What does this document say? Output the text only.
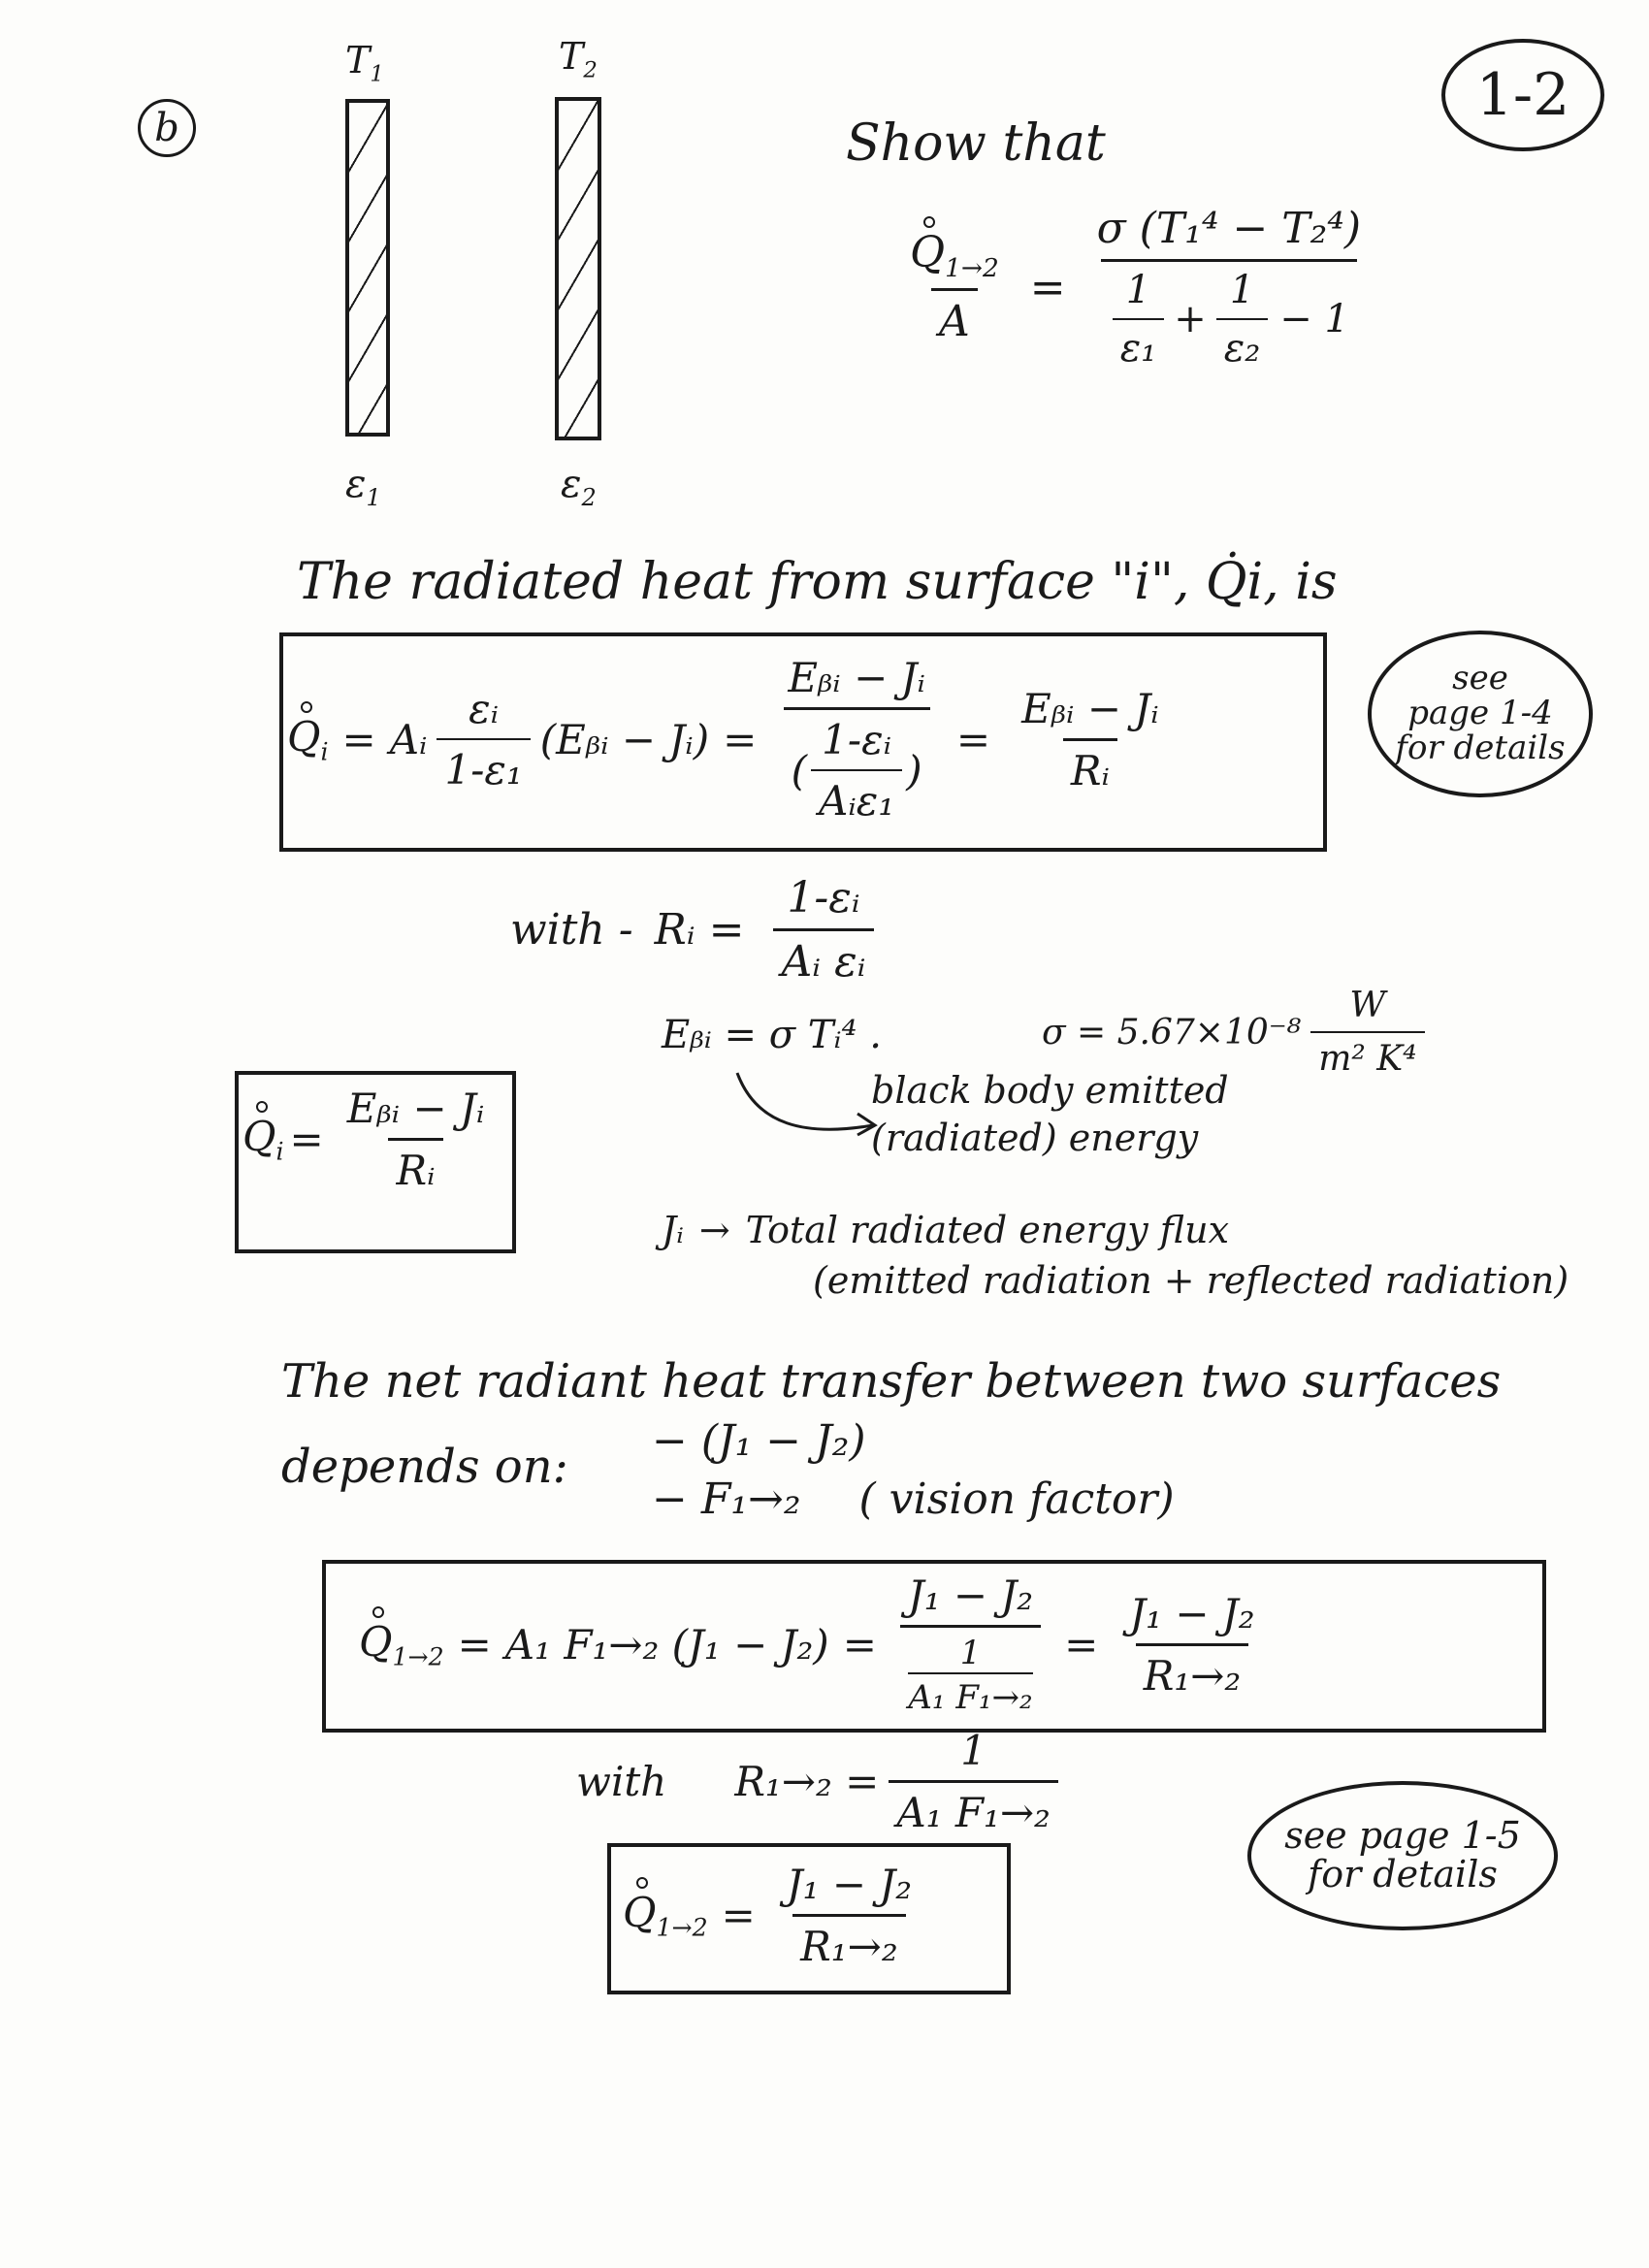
b	1-2
$T_1$	$T_2$
$\varepsilon_1$	$\varepsilon_2$
Show that
$\frac{Q_{1\to 2}}{A} = \frac{\text{σ (T₁⁴ − T₂⁴)}}{\frac{1}{\text{ε₁}} + \frac{1}{\text{ε₂}} - 1}$
The radiated heat from surface "i", Q̇i, is
$Q_i$ = Aᵢ $\frac{\text{εᵢ}}{\text{1-ε₁}}$ (Eᵦᵢ − Jᵢ) = $\frac{\text{Eᵦᵢ − Jᵢ}}{( \frac{\text{1-εᵢ}}{\text{Aᵢε₁}} )} = \frac{\text{Eᵦᵢ − Jᵢ}}{\text{Rᵢ}}$
see
page 1-4
for details
with - Rᵢ = $\frac{\text{1-εᵢ}}{\text{Aᵢ εᵢ}}$
Eᵦᵢ = σ Tᵢ⁴ .	$\sigma = 5.67\times 10^{-8} \frac{W}{\text{m² K⁴}}$
black body emitted
(radiated) energy
$Q_i = \frac{\text{Eᵦᵢ − Jᵢ}}{\text{Rᵢ}}$
Jᵢ → Total radiated energy flux
(emitted radiation + reflected radiation)
The net radiant heat transfer between two surfaces
depends on: − (J₁ − J₂)
− F₁→₂ ( vision factor)
$Q_{1\to 2} = A_1$ F₁→₂ (J₁ − J₂) = J₁ − J₂
1
A₁ $F_1\to_2 = \frac{\text{J₁ − J₂}}{\text{R₁→₂}}$
with $R_1\to_2 = \frac{1}{\text{A₁ F₁→₂}}$
$Q_{1\to 2} = \frac{\text{J₁ − J₂}}{\text{R₁→₂}}$
see page 1-5
for details
